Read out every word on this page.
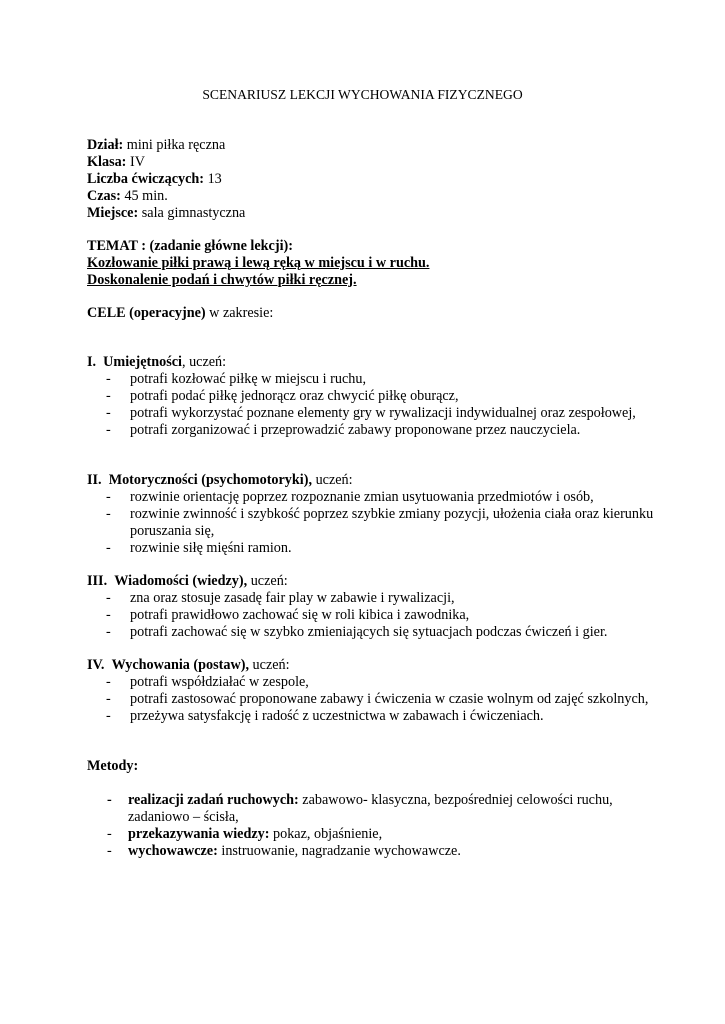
SCENARIUSZ LEKCJI WYCHOWANIA FIZYCZNEGO
Dział: mini piłka ręczna
Klasa: IV
Liczba ćwiczących: 13
Czas: 45 min.
Miejsce: sala gimnastyczna
TEMAT : (zadanie główne lekcji):
Kozłowanie piłki prawą i lewą ręką w miejscu i w ruchu.
Doskonalenie podań i chwytów piłki ręcznej.
CELE (operacyjne) w zakresie:
I. Umiejętności, uczeń:
- potrafi kozłować piłkę w miejscu i ruchu,
- potrafi podać piłkę jednorącz oraz chwycić piłkę oburącz,
- potrafi wykorzystać poznane elementy gry w rywalizacji indywidualnej oraz zespołowej,
- potrafi zorganizować i przeprowadzić zabawy proponowane przez nauczyciela.
II. Motoryczności (psychomotoryki), uczeń:
- rozwinie orientację poprzez rozpoznanie zmian usytuowania przedmiotów i osób,
- rozwinie zwinność i szybkość poprzez szybkie zmiany pozycji, ułożenia ciała oraz kierunku poruszania się,
- rozwinie siłę mięśni ramion.
III. Wiadomości (wiedzy), uczeń:
- zna oraz stosuje zasadę fair play w zabawie i rywalizacji,
- potrafi prawidłowo zachować się w roli kibica i zawodnika,
- potrafi zachować się w szybko zmieniających się sytuacjach podczas ćwiczeń i gier.
IV. Wychowania (postaw), uczeń:
- potrafi współdziałać w zespole,
- potrafi zastosować proponowane zabawy i ćwiczenia w czasie wolnym od zajęć szkolnych,
- przeżywa satysfakcję i radość z uczestnictwa w zabawach i ćwiczeniach.
Metody:
- realizacji zadań ruchowych: zabawowo- klasyczna, bezpośredniej celowości ruchu, zadaniowo – ścisła,
- przekazywania wiedzy: pokaz, objaśnienie,
- wychowawcze: instruowanie, nagradzanie wychowawcze.
